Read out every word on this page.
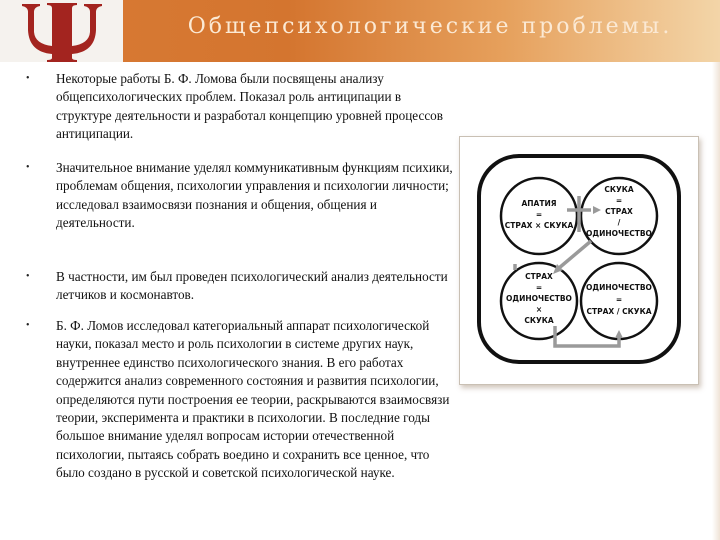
Общепсихологические проблемы.
•	Некоторые работы Б. Ф. Ломова были посвящены анализу общепсихологических проблем. Показал роль антиципации в структуре деятельности и разработал концепцию уровней процессов антиципации.
•	Значительное внимание уделял коммуникативным функциям психики, проблемам общения, психологии управления и психологии личности; исследовал взаимосвязи познания и общения, общения и деятельности.
•	В частности, им был проведен психологический анализ деятельности летчиков и космонавтов.
•	Б. Ф. Ломов исследовал категориальный аппарат психологической науки, показал место и роль психологии в системе других наук, внутреннее единство психологического знания. В его работах содержится анализ современного состояния и развития психологии, определяются пути построения ее теории, раскрываются взаимосвязи теории, эксперимента и практики в психологии. В последние годы большое внимание уделял вопросам истории отечественной психологии, пытаясь собрать воедино и сохранить все ценное, что было создано в русской и советской психологической науке.
АПАТИЯ
=
СТРАХ × СКУКА
СКУКА
=
СТРАХ
/
ОДИНОЧЕСТВО
СТРАХ
=
ОДИНОЧЕСТВО
×
СКУКА
ОДИНОЧЕСТВО
=
СТРАХ / СКУКА
